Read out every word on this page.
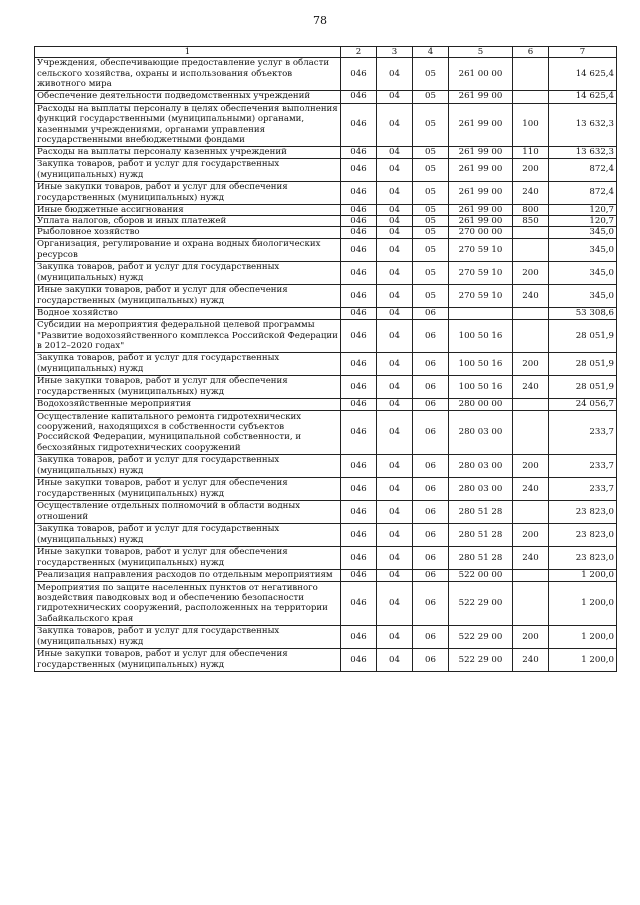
78
1	2	3	4	5	6	7
Учреждения, обеспечивающие предоставление услуг в области сельского хозяйства, охраны и использования объектов животного мира	046	04	05	261 00 00		14 625,4
Обеспечение деятельности подведомственных учреждений	046	04	05	261 99 00		14 625,4
Расходы на выплаты персоналу в целях обеспечения выполнения функций государственными (муниципальными) органами, казенными учреждениями, органами управления государственными внебюджетными фондами	046	04	05	261 99 00	100	13 632,3
Расходы на выплаты персоналу казенных учреждений	046	04	05	261 99 00	110	13 632,3
Закупка товаров, работ и услуг для государственных (муниципальных) нужд	046	04	05	261 99 00	200	872,4
Иные закупки товаров, работ и услуг для обеспечения государственных (муниципальных) нужд	046	04	05	261 99 00	240	872,4
Иные бюджетные ассигнования	046	04	05	261 99 00	800	120,7
Уплата налогов, сборов и иных платежей	046	04	05	261 99 00	850	120,7
Рыболовное хозяйство	046	04	05	270 00 00		345,0
Организация, регулирование и охрана водных биологических ресурсов	046	04	05	270 59 10		345,0
Закупка товаров, работ и услуг для государственных (муниципальных) нужд	046	04	05	270 59 10	200	345,0
Иные закупки товаров, работ и услуг для обеспечения государственных (муниципальных) нужд	046	04	05	270 59 10	240	345,0
Водное хозяйство	046	04	06			53 308,6
Субсидии на мероприятия федеральной целевой программы "Развитие водохозяйственного комплекса Российской Федерации в 2012–2020 годах"	046	04	06	100 50 16		28 051,9
Закупка товаров, работ и услуг для государственных (муниципальных) нужд	046	04	06	100 50 16	200	28 051,9
Иные закупки товаров, работ и услуг для обеспечения государственных (муниципальных) нужд	046	04	06	100 50 16	240	28 051,9
Водохозяйственные мероприятия	046	04	06	280 00 00		24 056,7
Осуществление капитального ремонта гидротехнических сооружений, находящихся в собственности субъектов Российской Федерации, муниципальной собственности, и бесхозяйных гидротехнических сооружений	046	04	06	280 03 00		233,7
Закупка товаров, работ и услуг для государственных (муниципальных) нужд	046	04	06	280 03 00	200	233,7
Иные закупки товаров, работ и услуг для обеспечения государственных (муниципальных) нужд	046	04	06	280 03 00	240	233,7
Осуществление отдельных полномочий в области водных отношений	046	04	06	280 51 28		23 823,0
Закупка товаров, работ и услуг для государственных (муниципальных) нужд	046	04	06	280 51 28	200	23 823,0
Иные закупки товаров, работ и услуг для обеспечения государственных (муниципальных) нужд	046	04	06	280 51 28	240	23 823,0
Реализация направления расходов по отдельным мероприятиям	046	04	06	522 00 00		1 200,0
Мероприятия по защите населенных пунктов от негативного воздействия паводковых вод и обеспечению безопасности гидротехнических сооружений, расположенных на территории Забайкальского края	046	04	06	522 29 00		1 200,0
Закупка товаров, работ и услуг для государственных (муниципальных) нужд	046	04	06	522 29 00	200	1 200,0
Иные закупки товаров, работ и услуг для обеспечения государственных (муниципальных) нужд	046	04	06	522 29 00	240	1 200,0
